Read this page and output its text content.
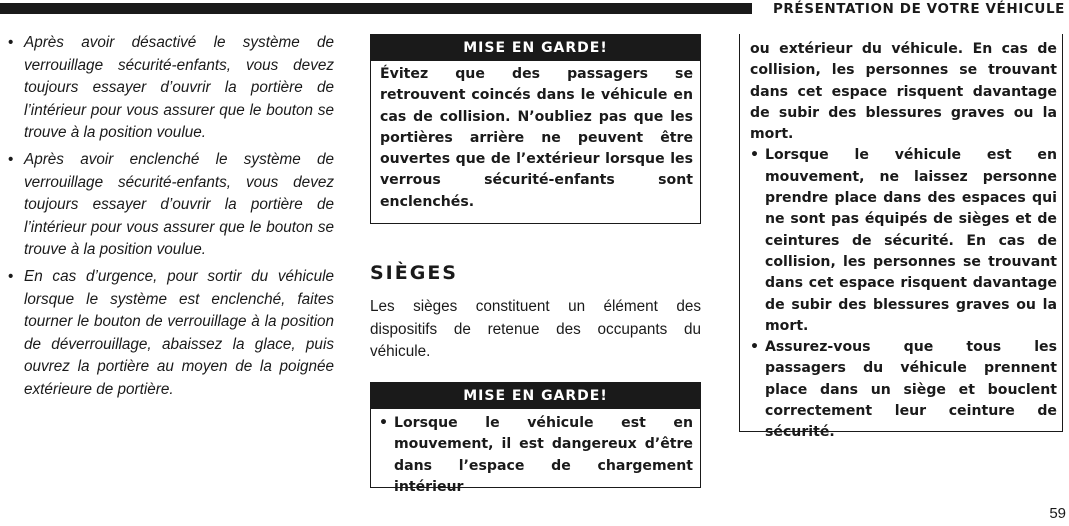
PRÉSENTATION DE VOTRE VÉHICULE
• Après avoir désactivé le système de verrouillage sécurité-enfants, vous devez toujours essayer d’ouvrir la portière de l’intérieur pour vous assurer que le bouton se trouve à la position voulue.
• Après avoir enclenché le système de verrouillage sécurité-enfants, vous devez toujours essayer d’ouvrir la portière de l’intérieur pour vous assurer que le bouton se trouve à la position voulue.
• En cas d’urgence, pour sortir du véhicule lorsque le système est enclenché, faites tourner le bouton de verrouillage à la position de déverrouillage, abaissez la glace, puis ouvrez la portière au moyen de la poignée extérieure de portière.
MISE EN GARDE!
Évitez que des passagers se retrouvent coincés dans le véhicule en cas de collision. N’oubliez pas que les portières arrière ne peuvent être ouvertes que de l’extérieur lorsque les verrous sécurité-enfants sont enclenchés.
SIÈGES

Les sièges constituent un élément des dispositifs de retenue des occupants du véhicule.

MISE EN GARDE!
• Lorsque le véhicule est en mouvement, il est dangereux d’être dans l’espace de chargement intérieur
ou extérieur du véhicule. En cas de collision, les personnes se trouvant dans cet espace risquent davantage de subir des blessures graves ou la mort.
• Lorsque le véhicule est en mouvement, ne laissez personne prendre place dans des espaces qui ne sont pas équipés de sièges et de ceintures de sécurité. En cas de collision, les personnes se trouvant dans cet espace risquent davantage de subir des blessures graves ou la mort.
• Assurez-vous que tous les passagers du véhicule prennent place dans un siège et bouclent correctement leur ceinture de sécurité.
59
